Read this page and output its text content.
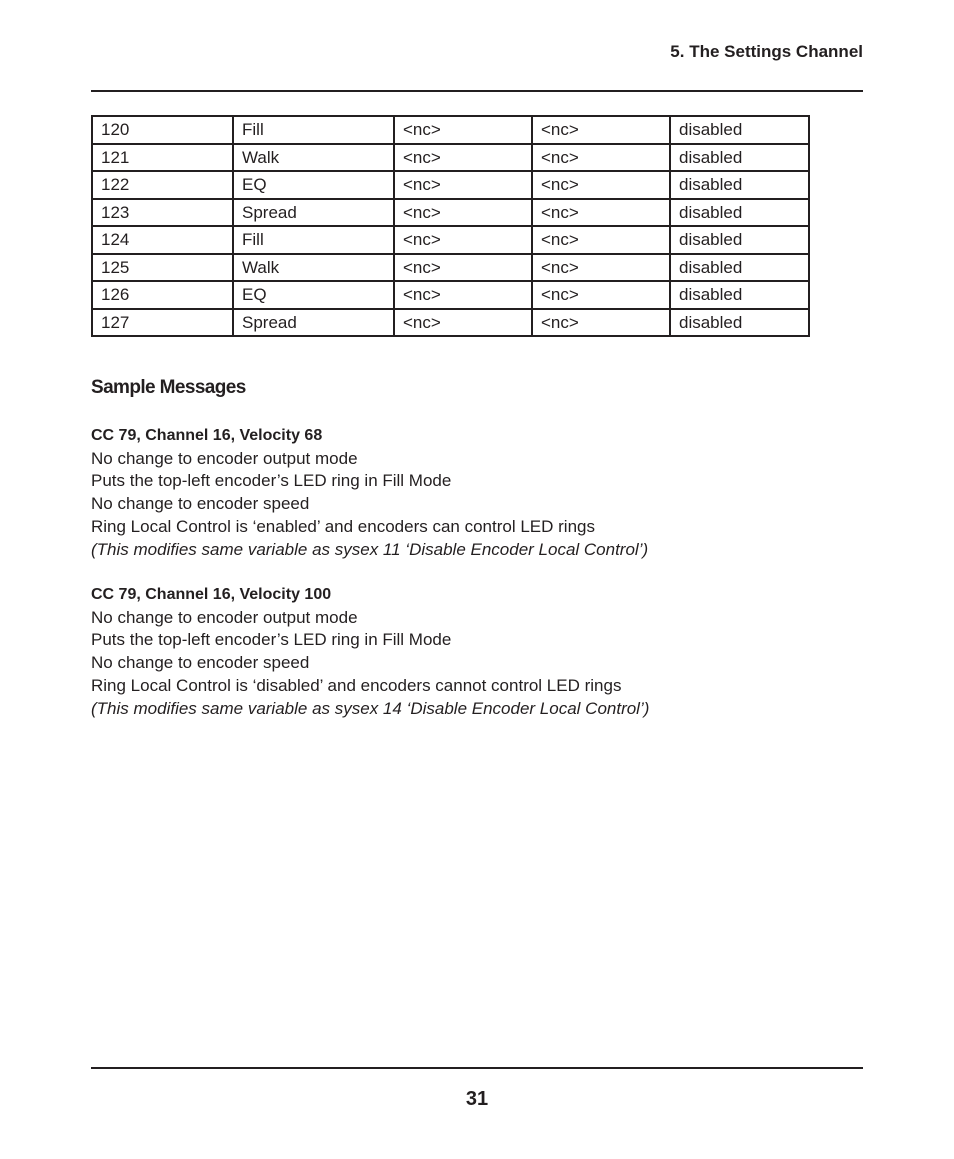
5. The Settings Channel
120	Fill	<nc>	<nc>	disabled
121	Walk	<nc>	<nc>	disabled
122	EQ	<nc>	<nc>	disabled
123	Spread	<nc>	<nc>	disabled
124	Fill	<nc>	<nc>	disabled
125	Walk	<nc>	<nc>	disabled
126	EQ	<nc>	<nc>	disabled
127	Spread	<nc>	<nc>	disabled
Sample Messages
CC 79, Channel 16, Velocity 68
No change to encoder output mode
Puts the top-left encoder’s LED ring in Fill Mode
No change to encoder speed
Ring Local Control is ‘enabled’ and encoders can control LED rings
(This modifies same variable as sysex 11 ‘Disable Encoder Local Control’)
CC 79, Channel 16, Velocity 100
No change to encoder output mode
Puts the top-left encoder’s LED ring in Fill Mode
No change to encoder speed
Ring Local Control is ‘disabled’ and encoders cannot control LED rings
(This modifies same variable as sysex 14 ‘Disable Encoder Local Control’)
31
